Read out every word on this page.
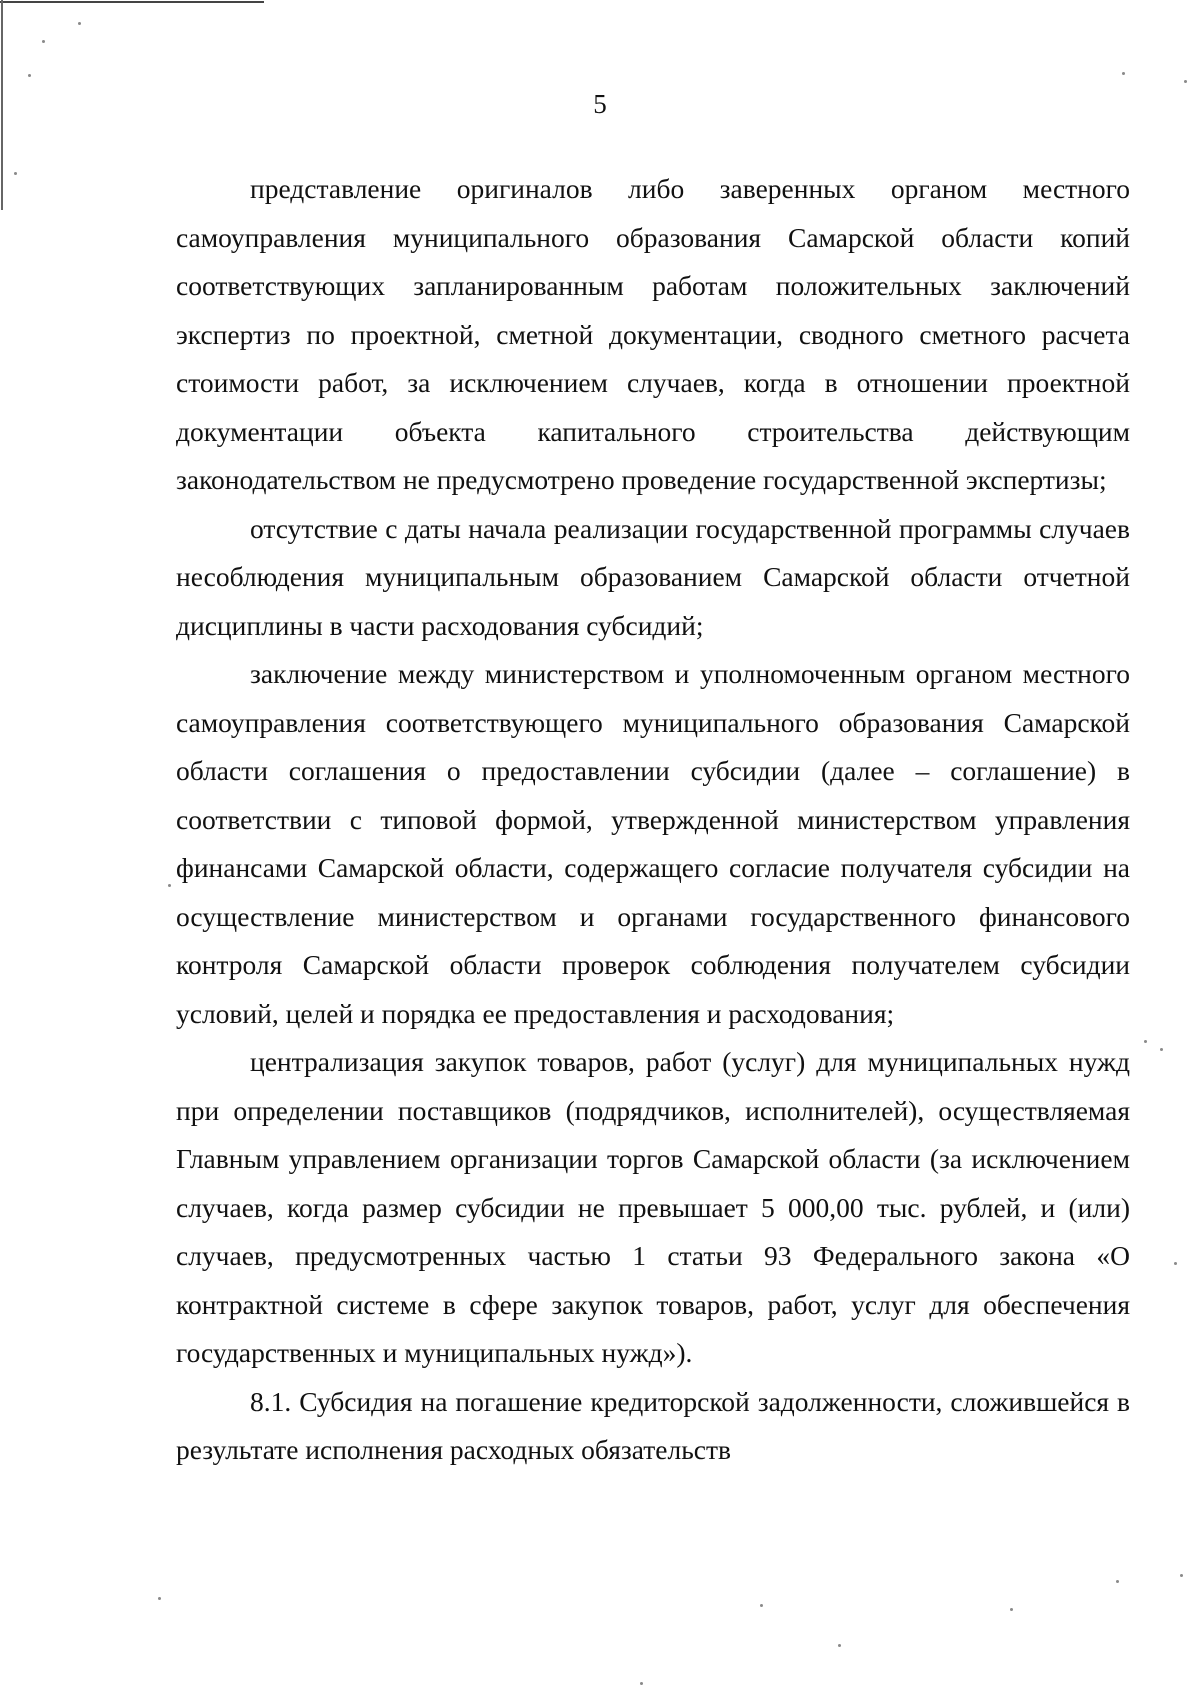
5

представление оригиналов либо заверенных органом местного самоуправления муниципального образования Самарской области копий соответствующих запланированным работам положительных заключений экспертиз по проектной, сметной документации, сводного сметного расчета стоимости работ, за исключением случаев, когда в отношении проектной документации объекта капитального строительства действующим законодательством не предусмотрено проведение государственной экспертизы;

отсутствие с даты начала реализации государственной программы случаев несоблюдения муниципальным образованием Самарской области отчетной дисциплины в части расходования субсидий;

заключение между министерством и уполномоченным органом местного самоуправления соответствующего муниципального образования Самарской области соглашения о предоставлении субсидии (далее – соглашение) в соответствии с типовой формой, утвержденной министерством управления финансами Самарской области, содержащего согласие получателя субсидии на осуществление министерством и органами государственного финансового контроля Самарской области проверок соблюдения получателем субсидии условий, целей и порядка ее предоставления и расходования;

централизация закупок товаров, работ (услуг) для муниципальных нужд при определении поставщиков (подрядчиков, исполнителей), осуществляемая Главным управлением организации торгов Самарской области (за исключением случаев, когда размер субсидии не превышает 5 000,00 тыс. рублей, и (или) случаев, предусмотренных частью 1 статьи 93 Федерального закона «О контрактной системе в сфере закупок товаров, работ, услуг для обеспечения государственных и муниципальных нужд»).

8.1. Субсидия на погашение кредиторской задолженности, сложившейся в результате исполнения расходных обязательств
